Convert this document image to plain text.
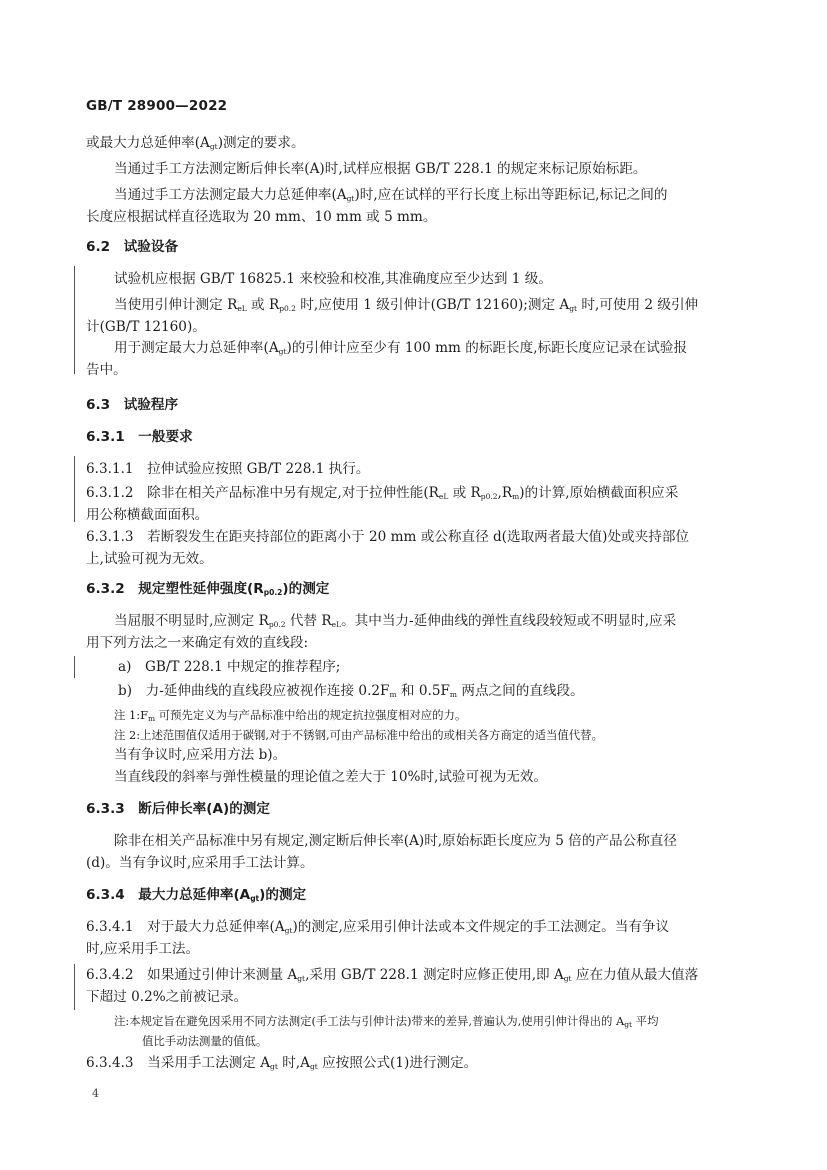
GB/T 28900—2022
或最大力总延伸率$(A_{gt})$测定的要求。
当通过手工方法测定断后伸长率(A)时,试样应根据 GB/T 228.1 的规定来标记原始标距。
当通过手工方法测定最大力总延伸率$(A_{gt})$时,应在试样的平行长度上标出等距标记,标记之间的
长度应根据试样直径选取为 20 mm、10 mm 或 5 mm。
6.2　试验设备
试验机应根据 GB/T 16825.1 来校验和校准,其准确度应至少达到 1 级。
当使用引伸计测定 $R_{eL}$ 或 $R_{p0.2}$ 时,应使用 1 级引伸计(GB/T 12160);测定 $A_{gt}$ 时,可使用 2 级引伸
计(GB/T 12160)。
用于测定最大力总延伸率$(A_{gt})$的引伸计应至少有 100 mm 的标距长度,标距长度应记录在试验报
告中。
6.3　试验程序
6.3.1　一般要求
6.3.1.1　拉伸试验应按照 GB/T 228.1 执行。
6.3.1.2　除非在相关产品标准中另有规定,对于拉伸性能($R_{eL}$ 或 $R_{p0.2},R_m$)的计算,原始横截面积应采
用公称横截面面积。
6.3.1.3　若断裂发生在距夹持部位的距离小于 20 mm 或公称直径 d(选取两者最大值)处或夹持部位
上,试验可视为无效。
6.3.2　规定塑性延伸强度$(R_{p0.2})$的测定
当屈服不明显时,应测定 $R_{p0.2}$ 代替 $R_{eL}$。其中当力-延伸曲线的弹性直线段较短或不明显时,应采
用下列方法之一来确定有效的直线段:
a)　GB/T 228.1 中规定的推荐程序;
b)　力-延伸曲线的直线段应被视作连接 $0.2F_m$ 和 $0.5F_m$ 两点之间的直线段。
注 $1:F_m$ 可预先定义为与产品标准中给出的规定抗拉强度相对应的力。
注 2:上述范围值仅适用于碳钢,对于不锈钢,可由产品标准中给出的或相关各方商定的适当值代替。
当有争议时,应采用方法 b)。
当直线段的斜率与弹性模量的理论值之差大于 10%时,试验可视为无效。
6.3.3　断后伸长率(A)的测定
除非在相关产品标准中另有规定,测定断后伸长率(A)时,原始标距长度应为 5 倍的产品公称直径
(d)。当有争议时,应采用手工法计算。
6.3.4　最大力总延伸率$(A_{gt})$的测定
6.3.4.1　对于最大力总延伸率$(A_{gt})$的测定,应采用引伸计法或本文件规定的手工法测定。当有争议
时,应采用手工法。
6.3.4.2　如果通过引伸计来测量 $A_{gt}$,采用 GB/T 228.1 测定时应修正使用,即 $A_{gt}$ 应在力值从最大值落
下超过 0.2%之前被记录。
注:本规定旨在避免因采用不同方法测定(手工法与引伸计法)带来的差异,普遍认为,使用引伸计得出的 $A_{gt}$ 平均
值比手动法测量的值低。
6.3.4.3　当采用手工法测定 $A_{gt}$ 时$,A_{gt}$ 应按照公式(1)进行测定。
4
